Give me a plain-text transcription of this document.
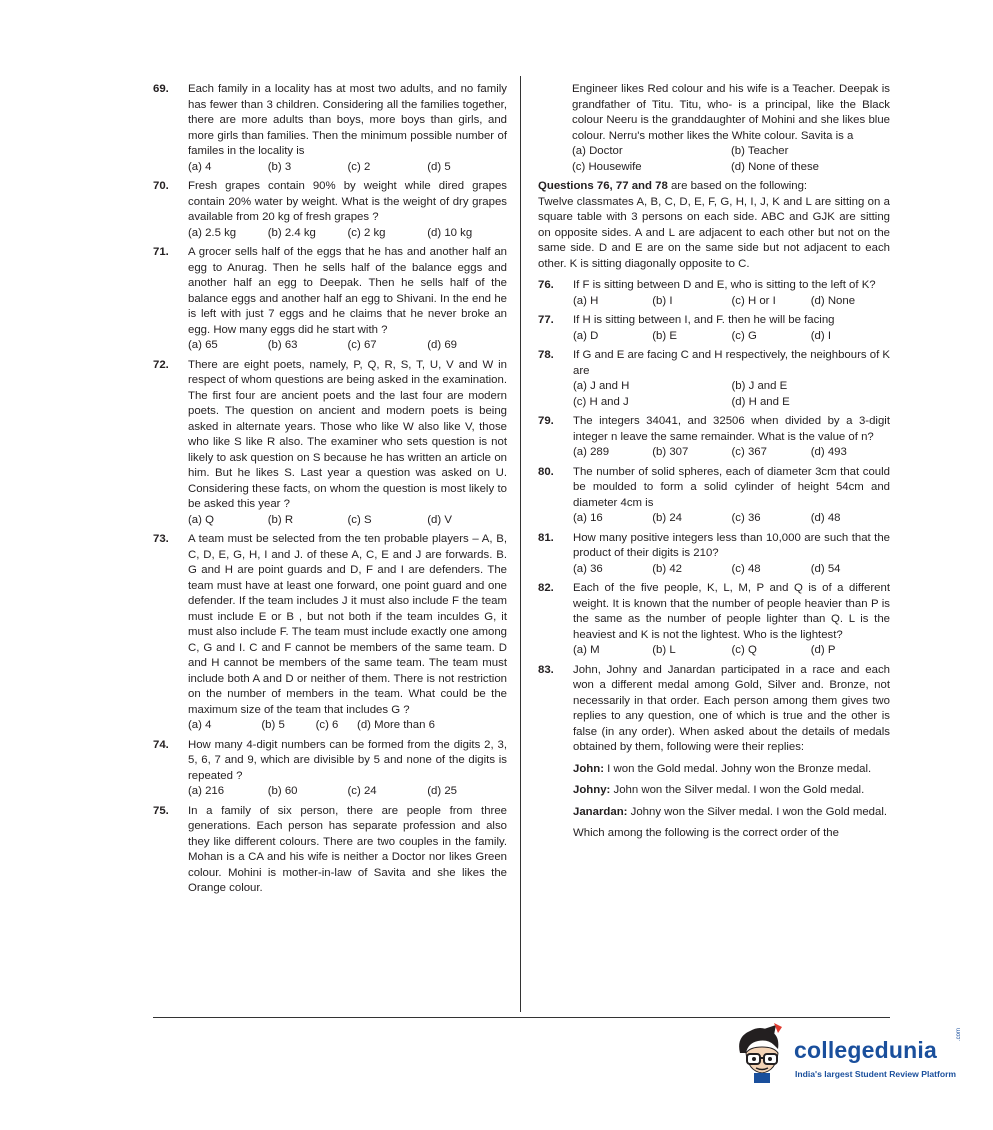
69.	Each family in a locality has at most two adults, and no family has fewer than 3 children. Considering all the families together, there are more adults than boys, more boys than girls, and more girls than families. Then the minimum possible number of familes in the locality is
(a) 4	(b) 3	(c) 2	(d) 5
70.	Fresh grapes contain 90% by weight while dired grapes contain 20% water by weight. What is the weight of dry grapes available from 20 kg of fresh grapes ?
(a) 2.5 kg	(b) 2.4 kg	(c) 2 kg	(d) 10 kg
71.	A grocer sells half of the eggs that he has and another half an egg to Anurag. Then he sells half of the balance eggs and another half an egg to Deepak. Then he sells half of the balance eggs and another half an egg to Shivani. In the end he is left with just 7 eggs and he claims that he never broke an egg. How many eggs did he start with ?
(a) 65	(b) 63	(c) 67	(d) 69
72.	There are eight poets, namely, P, Q, R, S, T, U, V and W in respect of whom questions are being asked in the examination. The first four are ancient poets and the last four are modern poets. The question on ancient and modern poets is being asked in alternate years. Those who like W also like V, those who like S like R also. The examiner who sets question is not likely to ask question on S because he has written an article on him. But he likes S. Last year a question was asked on U. Considering these facts, on whom the question is most likely to be asked this year ?
(a) Q	(b) R	(c) S	(d) V
73.	A team must be selected from the ten probable players – A, B, C, D, E, G, H, I and J. of these A, C, E and J are forwards. B. G and H are point guards and D, F and I are defenders. The team must have at least one forward, one point guard and one defender. If the team includes J it must also include F the team must include E or B , but not both if the team inculdes G, it must also include F. The team must include exactly one among C, G and I. C and F cannot be members of the same team. D and H cannot be members of the same team. The team must include both A and D or neither of them. There is not restriction on the number of members in the team. What could be the maximum size of the team that includes G ?
(a) 4	(b) 5	(c) 6	(d) More than 6
74.	How many 4-digit numbers can be formed from the digits 2, 3, 5, 6, 7 and 9, which are divisible by 5 and none of the digits is repeated ?
(a) 216	(b) 60	(c) 24	(d) 25
75.	In a family of six person, there are people from three generations. Each person has separate profession and also they like different colours. There are two couples in the family. Mohan is a CA and his wife is neither a Doctor nor likes Green colour. Mohini is mother-in-law of Savita and she likes the Orange colour.
Engineer likes Red colour and his wife is a Teacher. Deepak is grandfather of Titu. Titu, who- is a principal, like the Black colour Neeru is the granddaughter of Mohini and she likes blue colour. Nerru's mother likes the White colour. Savita is a
(a) Doctor	(b) Teacher
(c) Housewife	(d) None of these
Questions 76, 77 and 78 are based on the following:
Twelve classmates A, B, C, D, E, F, G, H, I, J, K and L are sitting on a square table with 3 persons on each side. ABC and GJK are sitting on opposite sides. A and L are adjacent to each other but not on the same side. D and E are on the same side but not adjacent to each other. K is sitting diagonally opposite to C.
76.	If F is sitting between D and E, who is sitting to the left of K?
(a) H	(b) I	(c) H or I	(d) None
77.	If H is sitting between I, and F. then he will be facing
(a) D	(b) E	(c) G	(d) I
78.	If G and E are facing C and H respectively, the neighbours of K are
(a) J and H	(b) J and E
(c) H and J	(d) H and E
79.	The integers 34041, and 32506 when divided by a 3-digit integer n leave the same remainder. What is the value of n?
(a) 289	(b) 307	(c) 367	(d) 493
80.	The number of solid spheres, each of diameter 3cm that could be moulded to form a solid cylinder of height 54cm and diameter 4cm is
(a) 16	(b) 24	(c) 36	(d) 48
81.	How many positive integers less than 10,000 are such that the product of their digits is 210?
(a) 36	(b) 42	(c) 48	(d) 54
82.	Each of the five people, K, L, M, P and Q is of a different weight. It is known that the number of people heavier than P is the same as the number of people lighter than Q. L is the heaviest and K is not the lightest. Who is the lightest?
(a) M	(b) L	(c) Q	(d) P
83.	John, Johny and Janardan participated in a race and each won a different medal among Gold, Silver and. Bronze, not necessarily in that order. Each person among them gives two replies to any question, one of which is true and the other is false (in any order). When asked about the details of medals obtained by them, following were their replies:
John: I won the Gold medal. Johny won the Bronze medal.
Johny: John won the Silver medal. I won the Gold medal.
Janardan: Johny won the Silver medal. I won the Gold medal.
Which among the following is the correct order of the
collegedunia
.com
India's largest Student Review Platform
